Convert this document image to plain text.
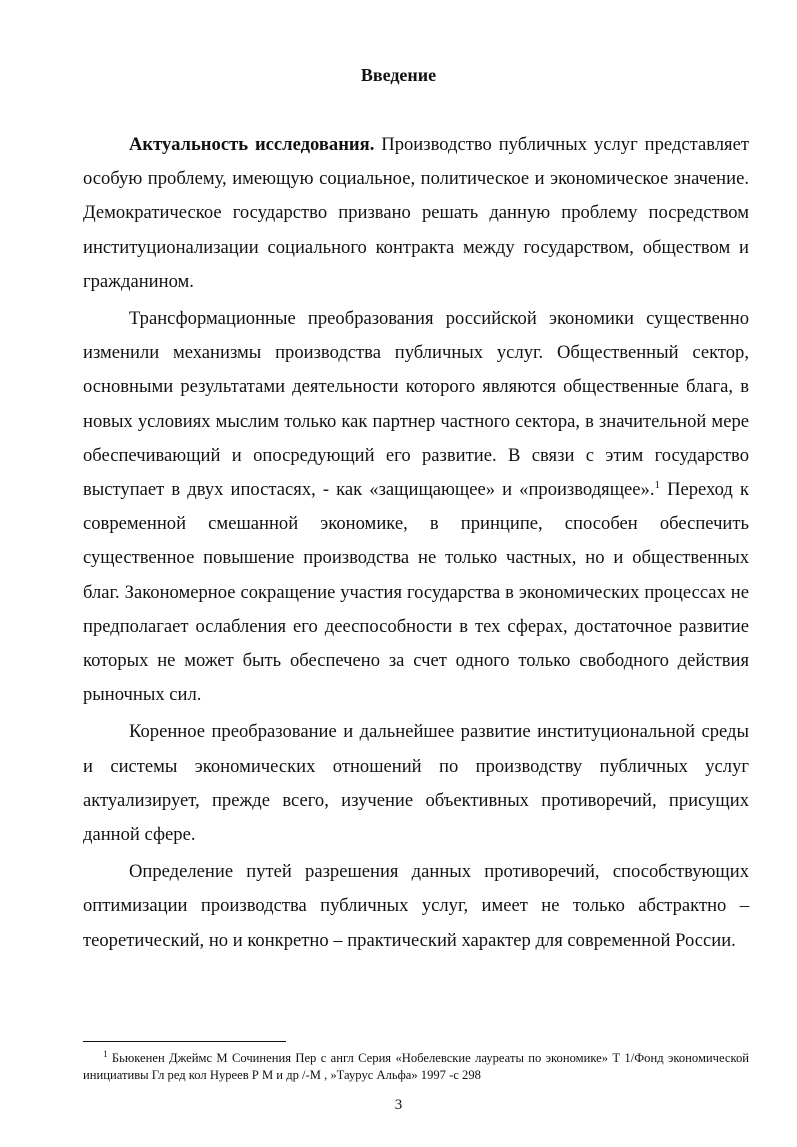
Введение

Актуальность исследования. Производство публичных услуг представляет особую проблему, имеющую социальное, политическое и экономическое значение. Демократическое государство призвано решать данную проблему посредством институционализации социального контракта между государством, обществом и гражданином.

Трансформационные преобразования российской экономики существенно изменили механизмы производства публичных услуг. Общественный сектор, основными результатами деятельности которого являются общественные блага, в новых условиях мыслим только как партнер частного сектора, в значительной мере обеспечивающий и опосредующий его развитие. В связи с этим государство выступает в двух ипостасях, - как «защищающее» и «производящее».$^1$ Переход к современной смешанной экономике, в принципе, способен обеспечить существенное повышение производства не только частных, но и общественных благ. Закономерное сокращение участия государства в экономических процессах не предполагает ослабления его дееспособности в тех сферах, достаточное развитие которых не может быть обеспечено за счет одного только свободного действия рыночных сил.

Коренное преобразование и дальнейшее развитие институциональной среды и системы экономических отношений по производству публичных услуг актуализирует, прежде всего, изучение объективных противоречий, присущих данной сфере.

Определение путей разрешения данных противоречий, способствующих оптимизации производства публичных услуг, имеет не только абстрактно – теоретический, но и конкретно – практический характер для современной России.

$^1$ Бьюкенен Джеймс М Сочинения Пер с англ Серия «Нобелевские лауреаты по экономике» Т 1/Фонд экономической инициативы Гл ред кол Нуреев Р М и др /-М , »Таурус Альфа» 1997 -с 298
3
